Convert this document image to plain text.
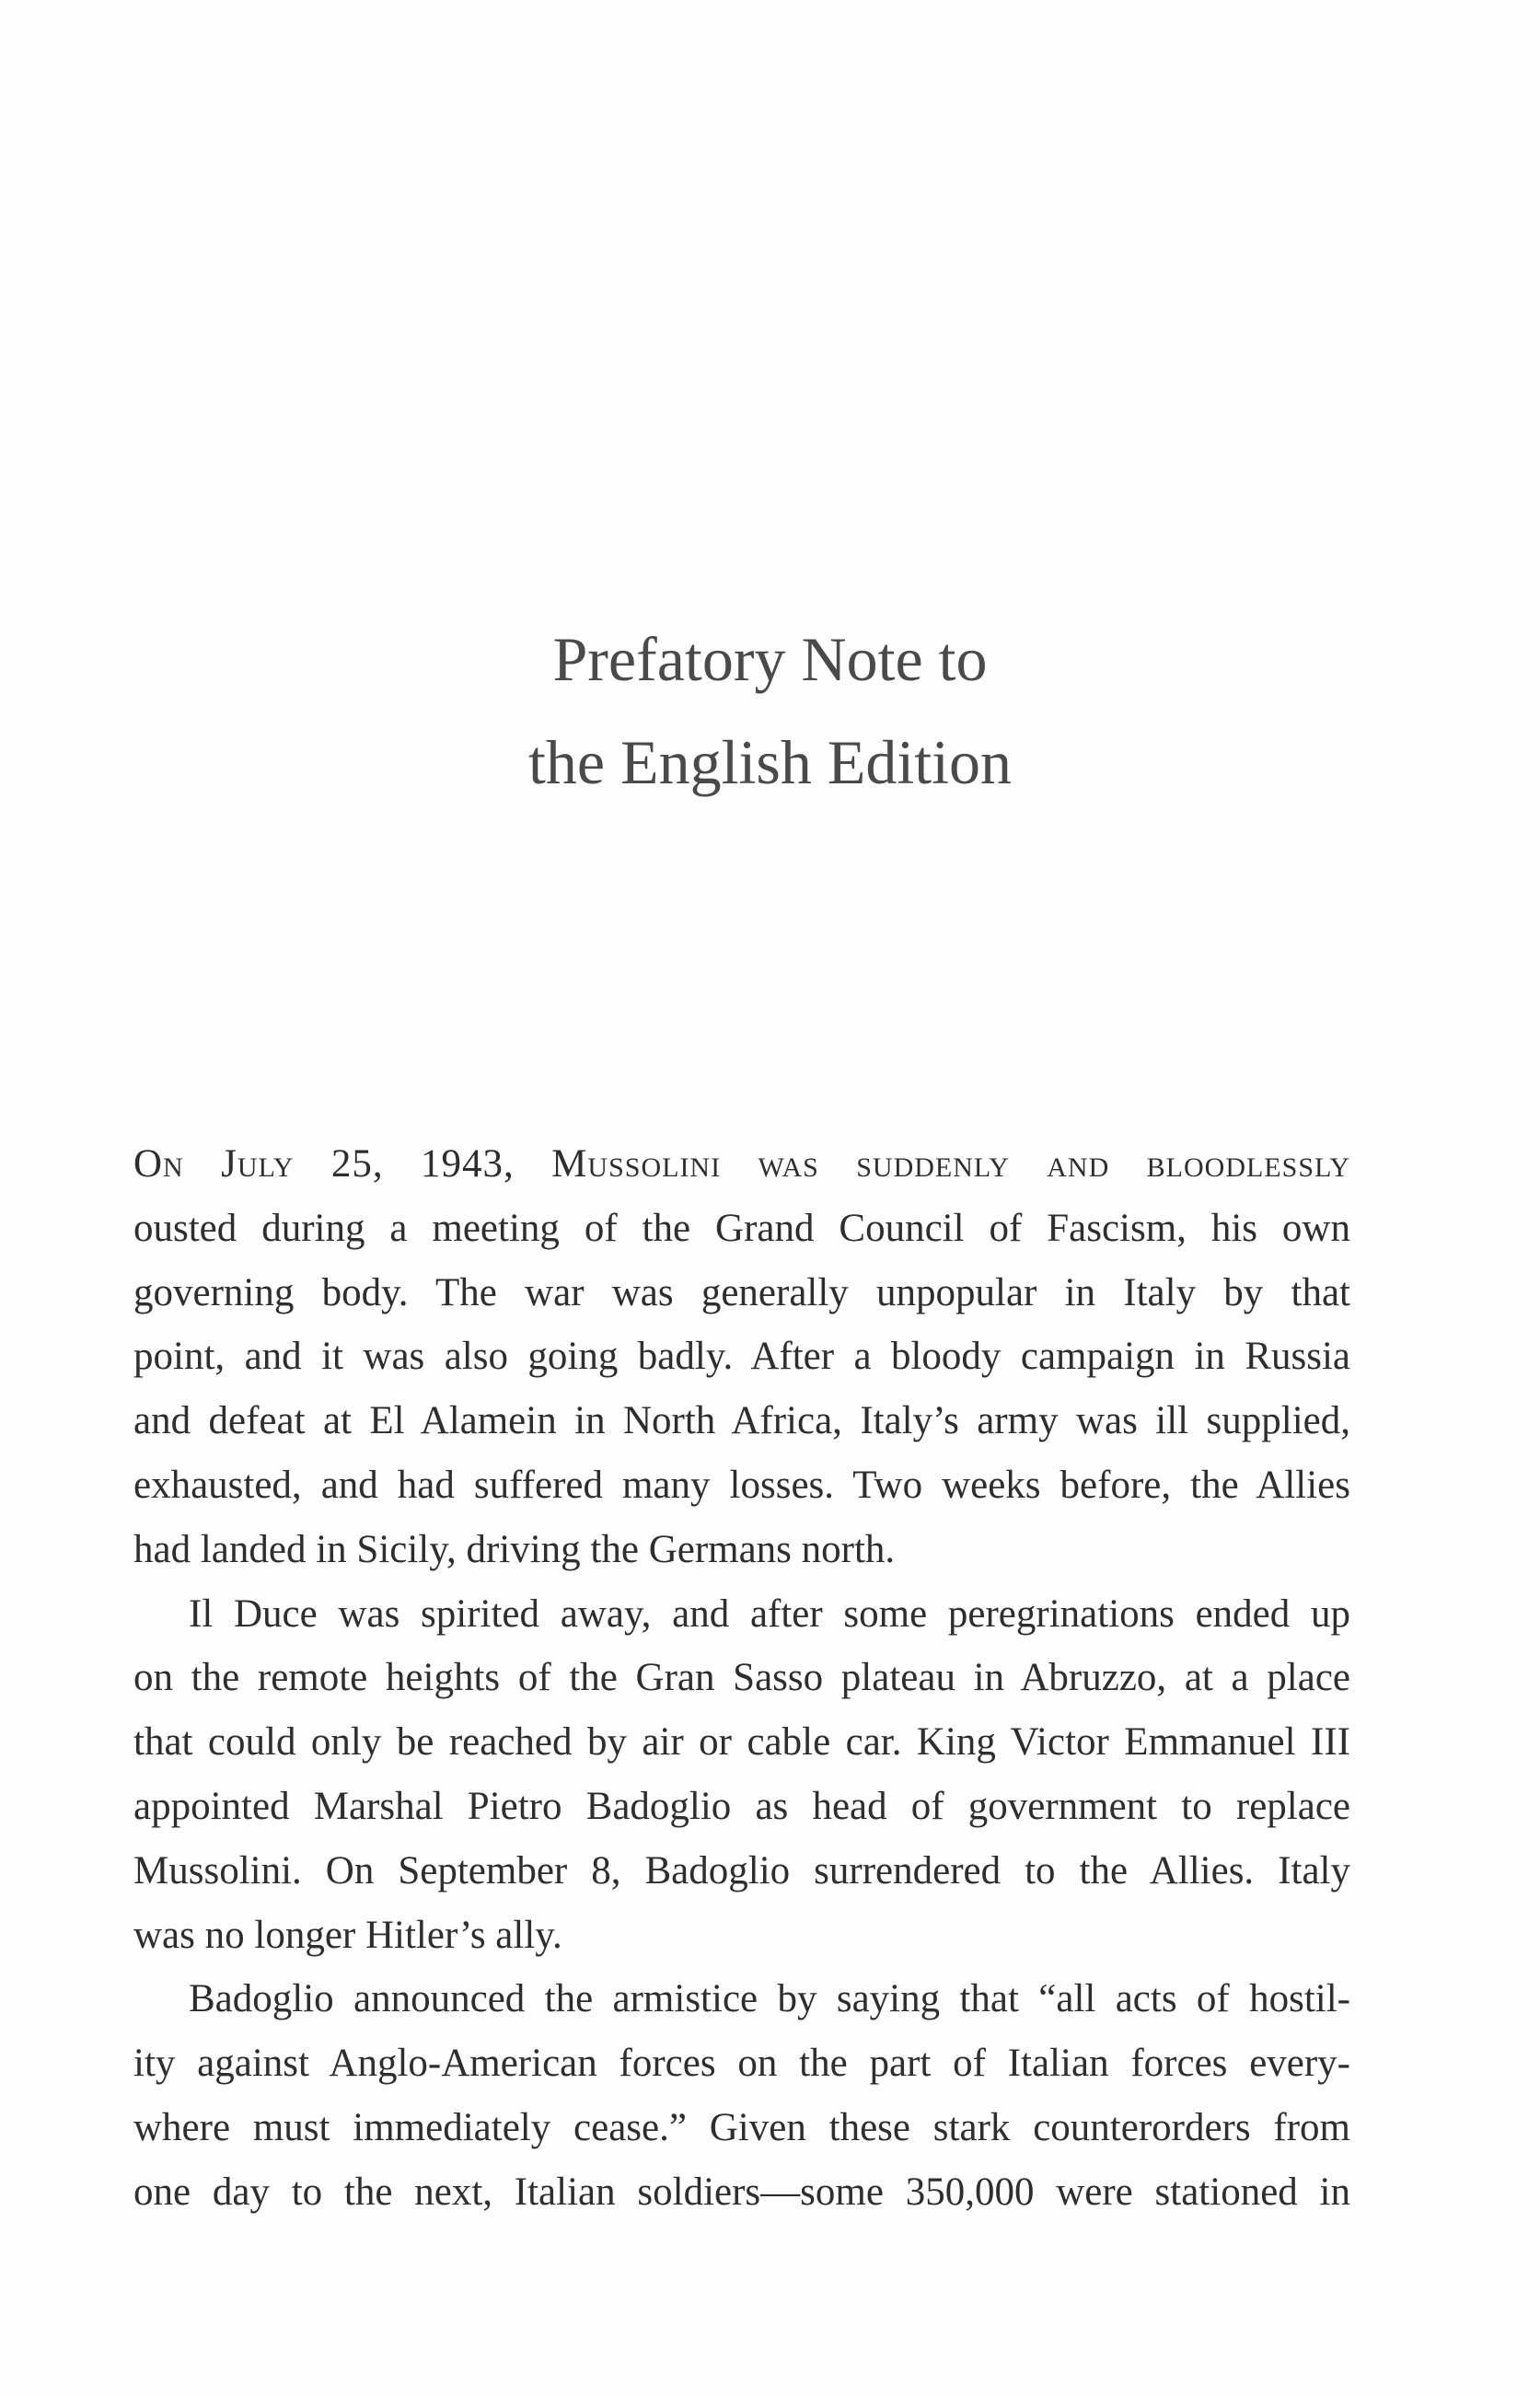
Prefatory Note to
the English Edition

On July 25, 1943, Mussolini was suddenly and bloodlessly
ousted during a meeting of the Grand Council of Fascism, his own
governing body. The war was generally unpopular in Italy by that
point, and it was also going badly. After a bloody campaign in Russia
and defeat at El Alamein in North Africa, Italy’s army was ill supplied,
exhausted, and had suffered many losses. Two weeks before, the Allies
had landed in Sicily, driving the Germans north.

Il Duce was spirited away, and after some peregrinations ended up
on the remote heights of the Gran Sasso plateau in Abruzzo, at a place
that could only be reached by air or cable car. King Victor Emmanuel III
appointed Marshal Pietro Badoglio as head of government to replace
Mussolini. On September 8, Badoglio surrendered to the Allies. Italy
was no longer Hitler’s ally.

Badoglio announced the armistice by saying that “all acts of hostil-
ity against Anglo-American forces on the part of Italian forces every-
where must immediately cease.” Given these stark counterorders from
one day to the next, Italian soldiers—some 350,000 were stationed in
